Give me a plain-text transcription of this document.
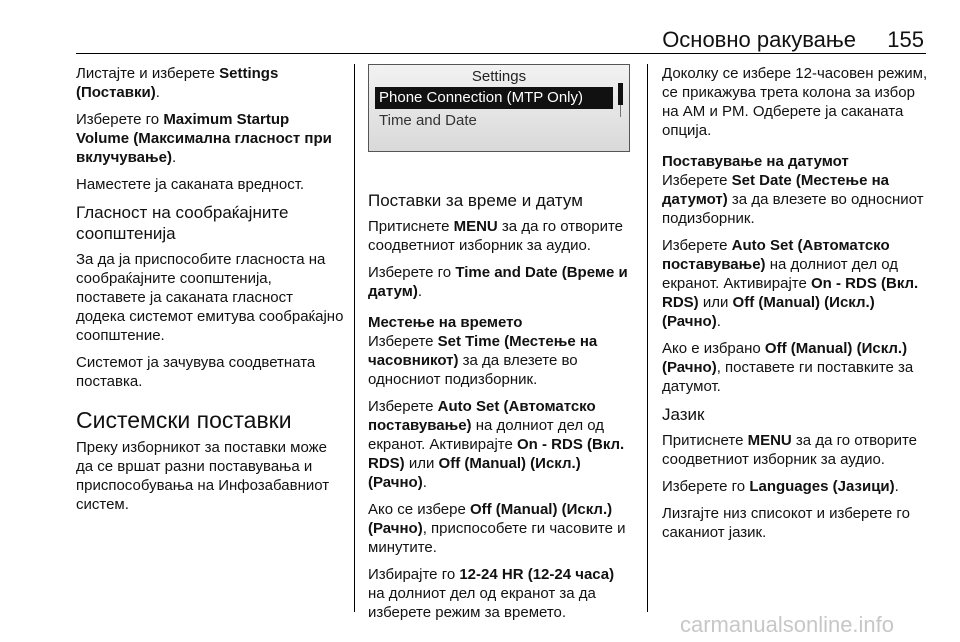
Основно ракување 155

Листајте и изберете Settings (Поставки).

Изберете го Maximum Startup Volume (Максимална гласност при вклучување).

Наместете ја саканата вредност.

Гласност на сообраќајните соопштенија

За да ја приспособите гласноста на сообраќајните соопштенија, поставете ја саканата гласност додека системот емитува сообраќајно соопштение.

Системот ја зачувува соодветната поставка.

Системски поставки

Преку изборникот за поставки може да се вршат разни поставувања и приспособувања на Инфозабавниот систем.

Settings
Phone Connection (MTP Only)
Time and Date
Поставки за време и датум

Притиснете MENU за да го отворите соодветниот изборник за аудио.

Изберете го Time and Date (Време и датум).

Местење на времето

Изберете Set Time (Местење на часовникот) за да влезете во односниот подизборник.

Изберете Auto Set (Автоматско поставување) на долниот дел од екранот. Активирајте On - RDS (Вкл. RDS) или Off (Manual) (Искл.) (Рачно).

Ако се избере Off (Manual) (Искл.) (Рачно), приспособете ги часовите и минутите.

Избирајте го 12-24 HR (12-24 часа) на долниот дел од екранот за да изберете режим за времето.

Доколку се избере 12-часовен режим, се прикажува трета колона за избор на AM и PM. Одберете ја саканата опција.

Поставување на датумот

Изберете Set Date (Местење на датумот) за да влезете во односниот подизборник.

Изберете Auto Set (Автоматско поставување) на долниот дел од екранот. Активирајте On - RDS (Вкл. RDS) или Off (Manual) (Искл.) (Рачно).

Ако е избрано Off (Manual) (Искл.) (Рачно), поставете ги поставките за датумот.

Јазик

Притиснете MENU за да го отворите соодветниот изборник за аудио.

Изберете го Languages (Јазици).

Лизгајте низ списокот и изберете го саканиот јазик.

carmanualsonline.info
